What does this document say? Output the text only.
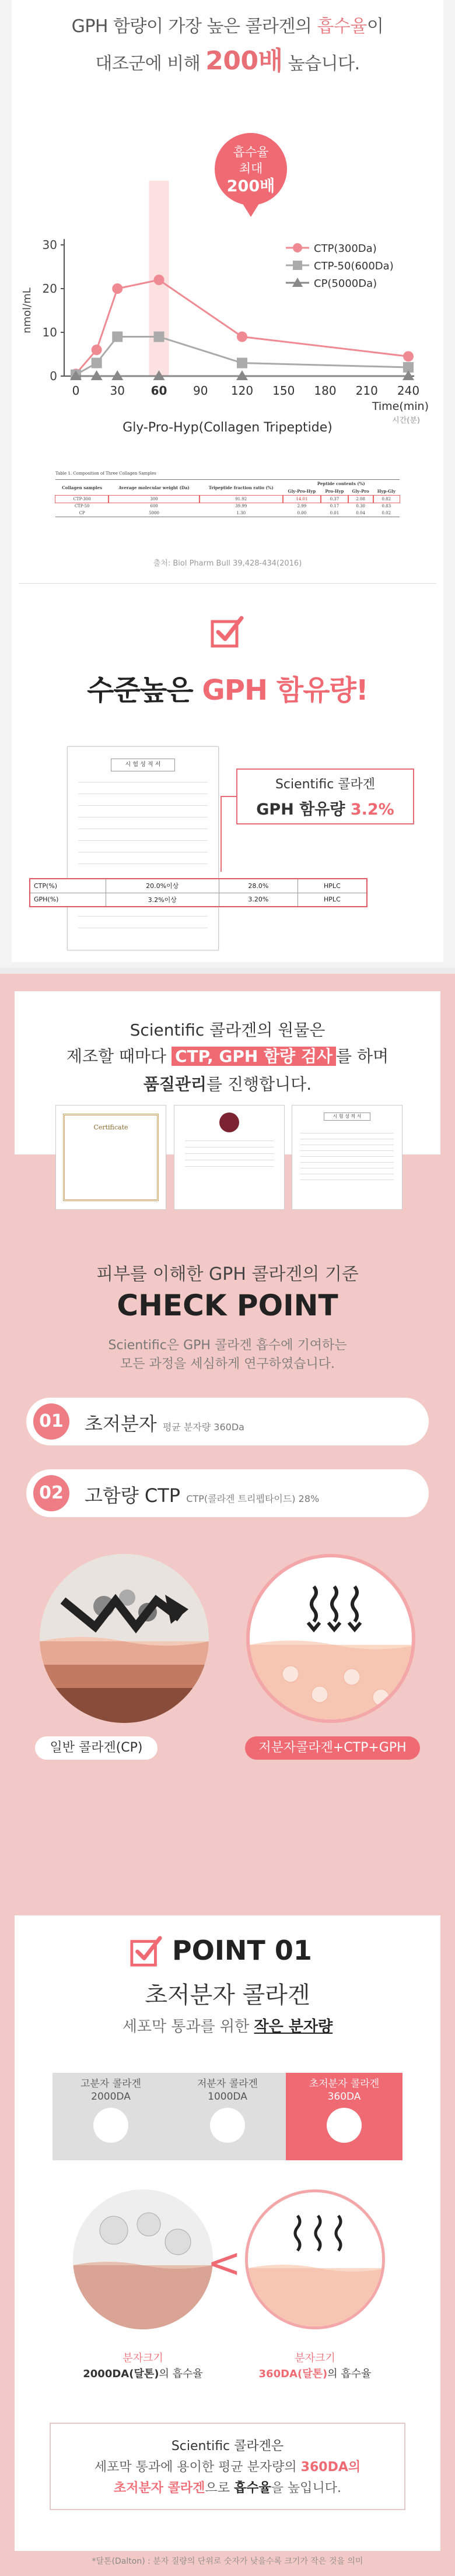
GPH 함량이 가장 높은 콜라겐의 흡수율이
대조군에 비해 200배 높습니다.
흡수율
최대
200배
0
10
20
30
0	30 60 90 120 150 180 210 240
nmol/mL
Time(min)
시간(분)
Gly-Pro-Hyp(Collagen Tripeptide)
CTP(300Da)
CTP-50(600Da)
CP(5000Da)
Table 1. Composition of Three Collagen Samples
Collagen samples	Average molecular weight (Da)	Tripeptide fraction ratio (%)	Peptide contents (%)			
			Gly-Pro-Hyp	Pro-Hyp	Gly-Pro	Hyp-Gly
CTP-300	300	91.92	14.01	0.37	2.08	0.82
CTP-50	600	39.99	2.99	0.17	0.30	0.83
CP	5000	1.30	0.00	0.01	0.04	0.02
출처: Biol Pharm Bull 39,428-434(2016)
수준높은 GPH 함유량!
시 험 성 적 서
Scientific 콜라겐
GPH 함유량 3.2%
CTP(%)	20.0%이상	28.0%	HPLC
GPH(%)	3.2%이상	3.20%	HPLC
Scientific 콜라겐의 원물은
제조할 때마다 CTP, GPH 함량 검사 를 하며
품질관리를 진행합니다.
Certificate
시 험 성 적 서
피부를 이해한 GPH 콜라겐의 기준
CHECK POINT
Scientific은 GPH 콜라겐 흡수에 기여하는
모든 과정을 세심하게 연구하였습니다.
01	초저분자 평균 분자량 360Da
02	고함량 CTP CTP(콜라겐 트리펩타이드) 28%
일반 콜라겐(CP)	저분자콜라겐+CTP+GPH
POINT 01
초저분자 콜라겐
세포막 통과를 위한 작은 분자량
고분자 콜라겐
2000DA
저분자 콜라겐
1000DA
초저분자 콜라겐
360DA
<
분자크기
2000DA(달톤)의 흡수율
분자크기
360DA(달톤)의 흡수율
Scientific 콜라겐은
세포막 통과에 용이한 평균 분자량의 360DA의
초저분자 콜라겐으로 흡수율을 높입니다.
*달톤(Dalton) : 분자 질량의 단위로 숫자가 낮을수록 크기가 작은 것을 의미
